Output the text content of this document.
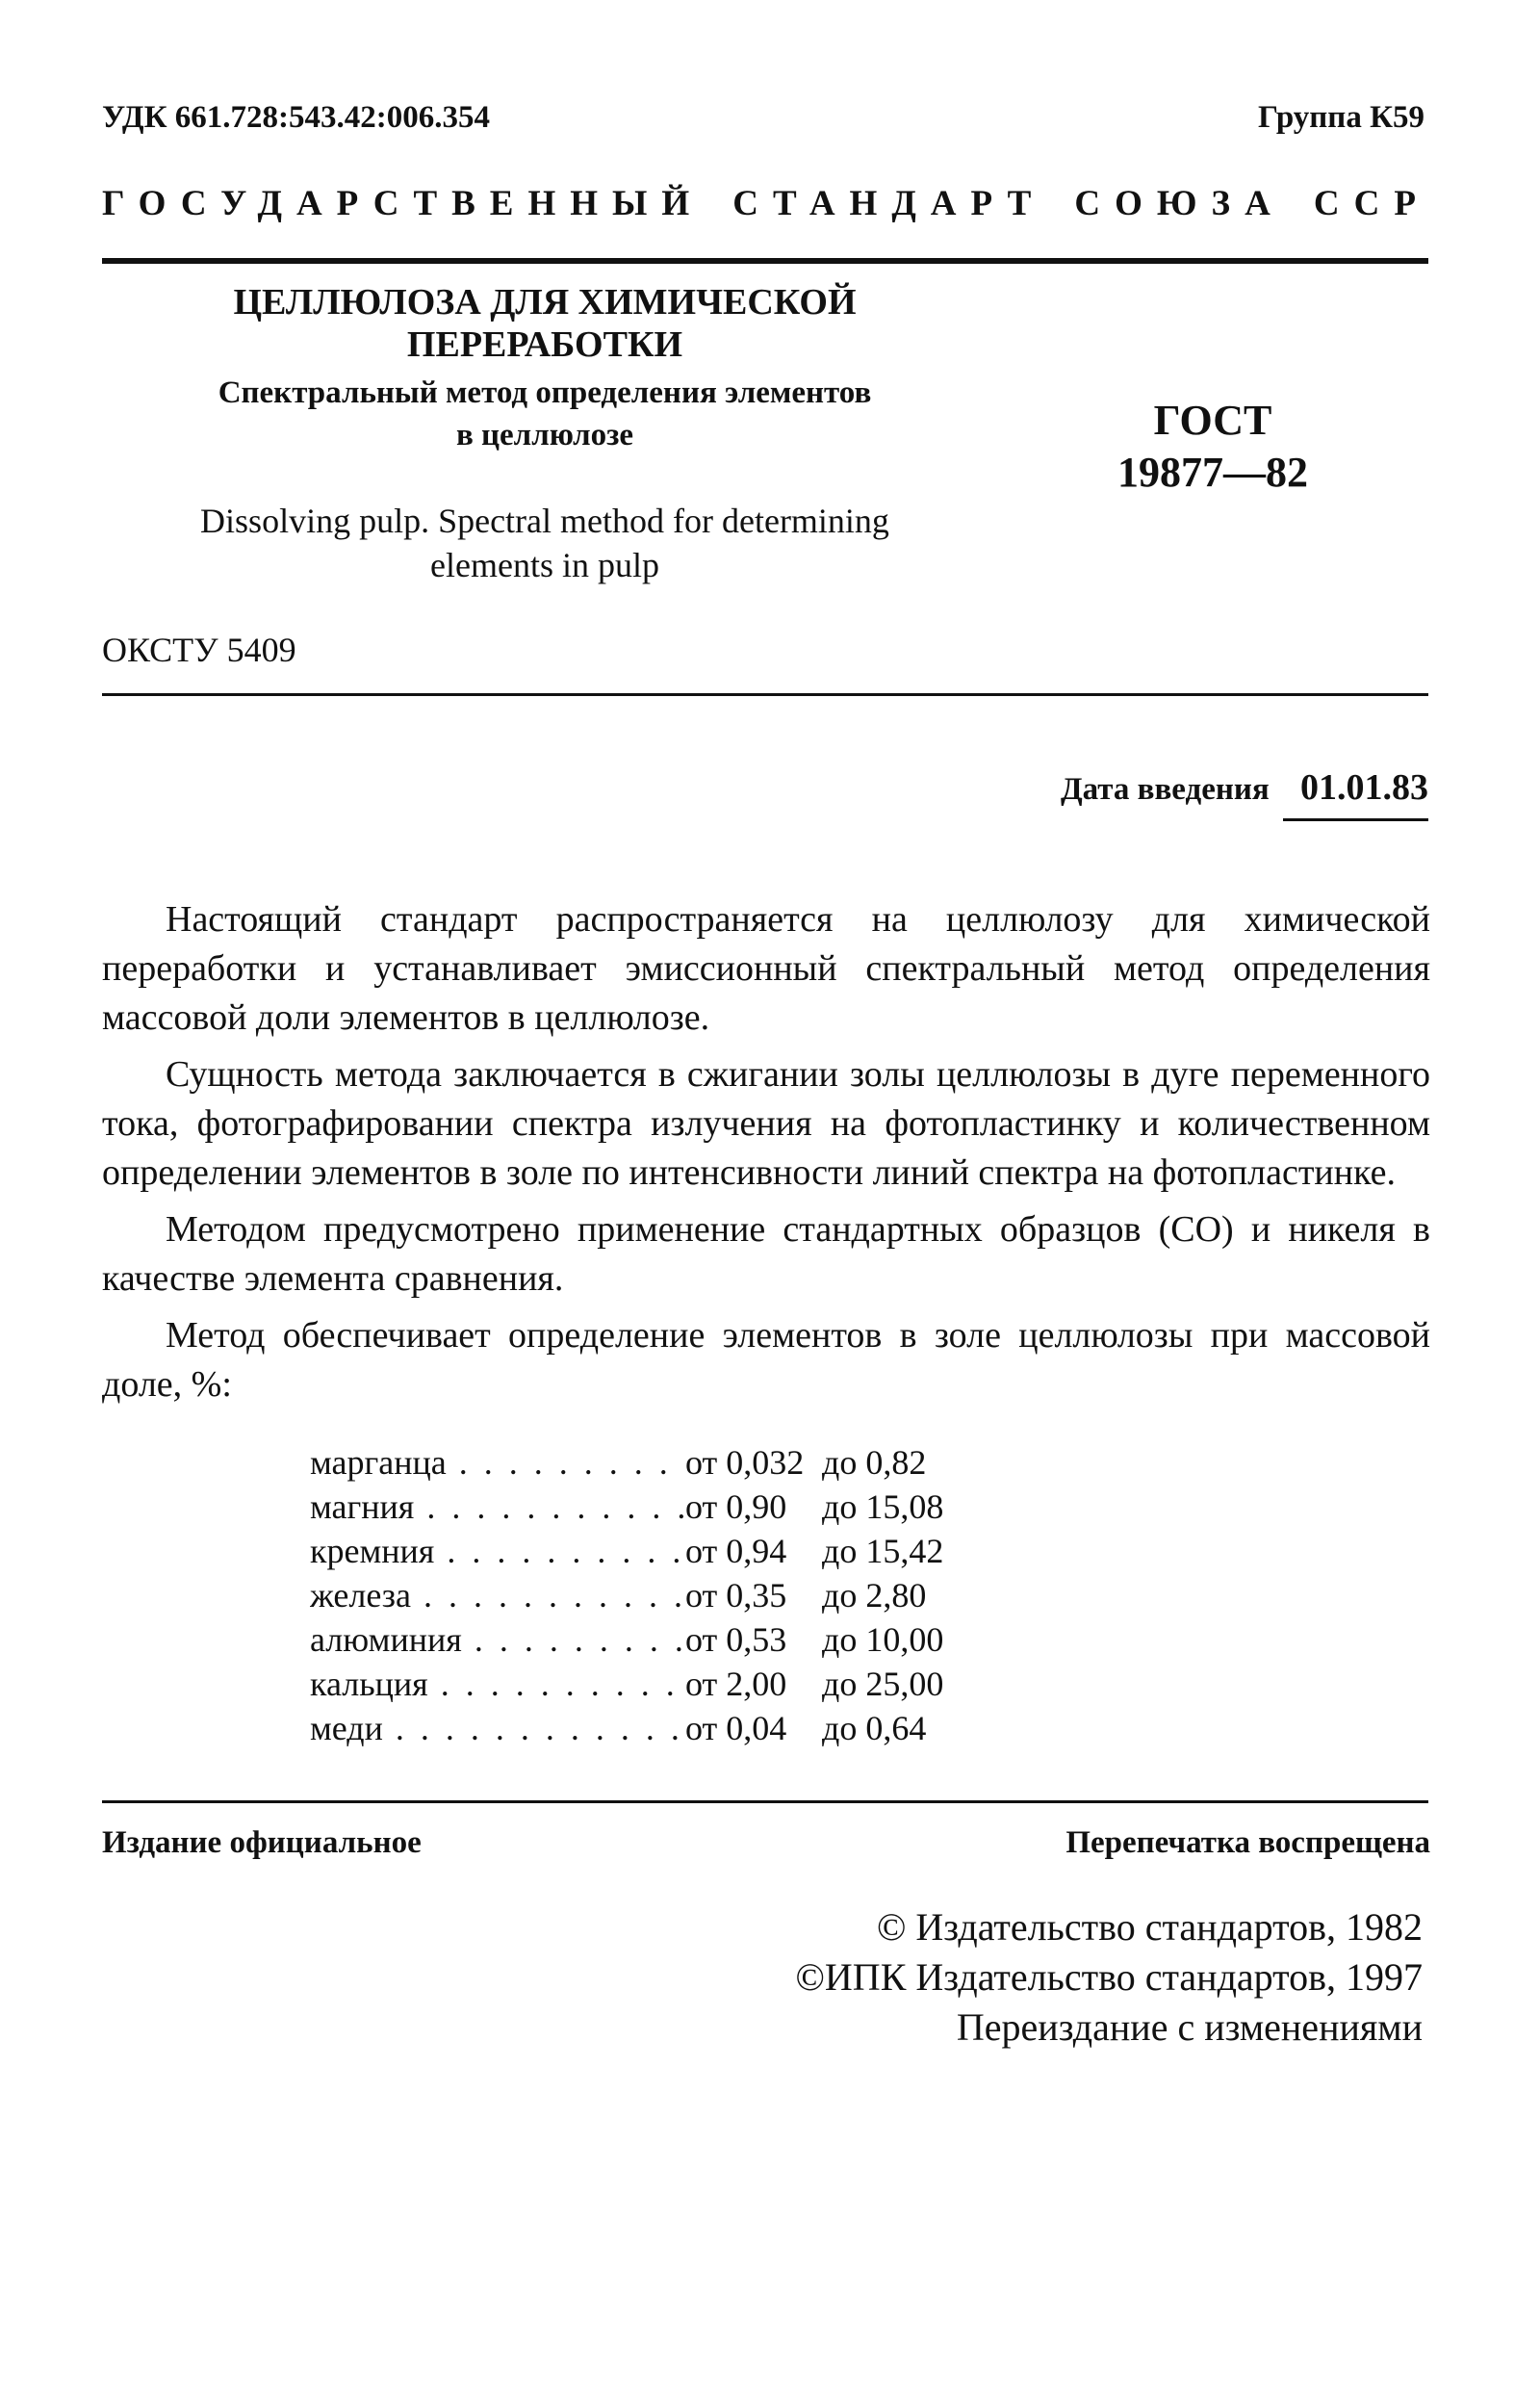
УДК 661.728:543.42:006.354	Группа К59
ГОСУДАРСТВЕННЫЙ СТАНДАРТ СОЮЗА ССР
ЦЕЛЛЮЛОЗА ДЛЯ ХИМИЧЕСКОЙ
ПЕРЕРАБОТКИ
Спектральный метод определения элементов
в целлюлозе	ГОСТ
19877—82
Dissolving pulp. Spectral method for determining
elements in pulp
ОКСТУ 5409
Дата введения 01.01.83

Настоящий стандарт распространяется на целлюлозу для химической переработки и устанавливает эмиссионный спектральный метод определения массовой доли элементов в целлюлозе.

Сущность метода заключается в сжигании золы целлюлозы в дуге переменного тока, фотографировании спектра излучения на фотопластинку и количественном определении элементов в золе по интенсивности линий спектра на фотопластинке.

Методом предусмотрено применение стандартных образцов (СО) и никеля в качестве элемента сравнения.

Метод обеспечивает определение элементов в золе целлюлозы при массовой доле, %:

марганца . . .	от 0,032 до 0,82
магния . . .	от 0,90	до 15,08
кремния . . .	от 0,94	до 15,42
железа . . .	от 0,35	до 2,80
алюминия . . .	от 0,53	до 10,00
кальция . . .	от 2,00	до 25,00
меди . . .	от 0,04	до 0,64
Издание официальное	Перепечатка воспрещена
© Издательство стандартов, 1982
©ИПК Издательство стандартов, 1997
Переиздание с изменениями
